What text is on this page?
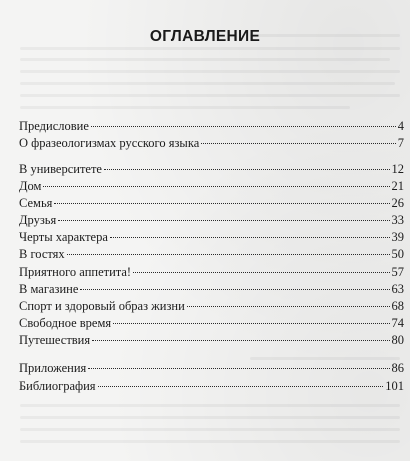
ОГЛАВЛЕНИЕ
Предисловие	4
О фразеологизмах русского языка	7
В университете	12
Дом	21
Семья	26
Друзья	33
Черты характера	39
В гостях	50
Приятного аппетита!	57
В магазине	63
Спорт и здоровый образ жизни	68
Свободное время	74
Путешествия	80
Приложения	86
Библиография	101
